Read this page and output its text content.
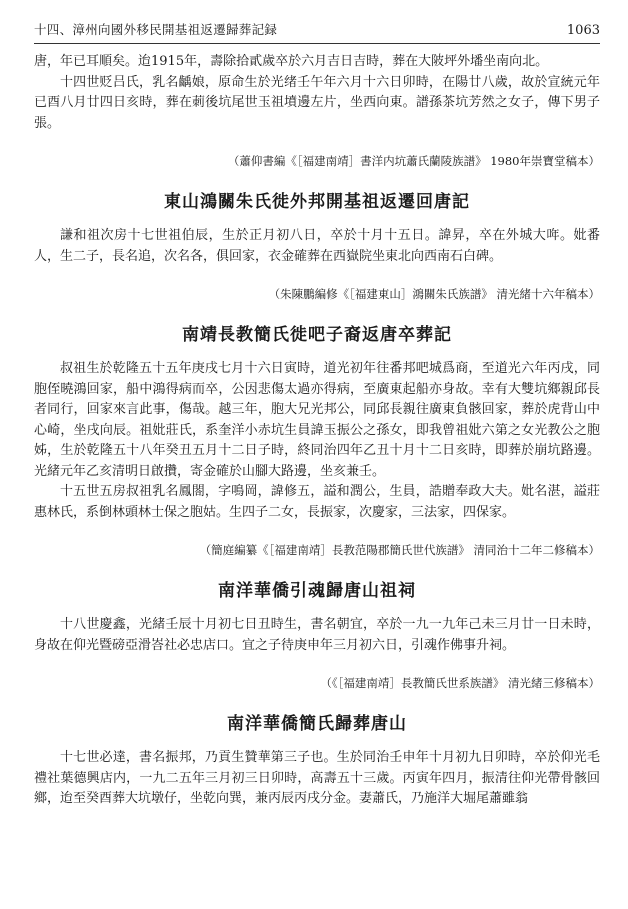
十四、漳州向國外移民開基祖返遷歸葬記録	1063

唐，年已耳順矣。迨1915年，壽除拾貳歲卒於六月吉日吉時，葬在大陂坪外墦坐南向北。

十四世贬吕氏，乳名齲娘，原命生於光绪壬午年六月十六日卯時，在陽廿八歲，故於宣統元年已酉八月廿四日亥時，葬在莿後坑尾世玉祖墳邊左片，坐西向東。譜孫茶坑芳然之女子，傳下男子張。

（蕭仰書編《［福建南靖］書洋内坑蕭氏蘭陵族譜》 1980年崇寶堂稿本）
東山鴻關朱氏徙外邦開基祖返遷回唐記

謙和祖次房十七世祖伯辰，生於正月初八日，卒於十月十五日。諱昇，卒在外城大哖。妣番人，生二子，長名追，次名各，俱回家，衣金確葬在西嶽院坐東北向西南石白碑。

（朱陳鵬編修《［福建東山］鴻關朱氏族譜》 清光緒十六年稿本）
南靖長教簡氏徙吧子裔返唐卒葬記

叔祖生於乾隆五十五年庚戌七月十六日寅時，道光初年往番邦吧城爲商，至道光六年丙戌，同胞侄曉鴻回家，船中鴻得病而卒，公因悲傷太過亦得病，至廣東起船亦身故。幸有大雙坑鄉親邱長者同行，回家來言此事，傷哉。越三年，胞大兄光邦公，同邱長親往廣東負骸回家，葬於虎背山中心崎，坐戌向辰。祖妣莊氏，系奎洋小赤坑生員諱玉振公之孫女，即我曾祖妣六第之女光教公之胞姊，生於乾隆五十八年癸丑五月十二日子時，終同治四年乙丑十月十二日亥時，即葬於崩坑路邊。光緒元年乙亥清明日啟攢，寄金確於山腳大路邊，坐亥兼壬。

十五世五房叔祖乳名鳳閤，字鳴岡，諱修五，謚和潤公，生員，誥贈奉政大夫。妣名湛，謚莊惠林氏，系倒林頭林士保之胞姑。生四子二女，長振家，次慶家，三法家，四保家。

（簡庭編纂《［福建南靖］長教范陽郡簡氏世代族譜》 清同治十二年二修稿本）
南洋華僑引魂歸唐山祖祠

十八世慶鑫，光緒壬辰十月初七日丑時生，書名朝宜，卒於一九一九年己未三月廿一日未時，身故在仰光暨磅亞滑峇社必忠店口。宜之子待庚申年三月初六日，引魂作佛事升祠。

（《［福建南靖］長教簡氏世系族譜》 清光緒三修稿本）
南洋華僑簡氏歸葬唐山

十七世必達，書名振邦，乃貢生贊華第三子也。生於同治壬申年十月初九日卯時，卒於仰光毛禮社葉德興店内，一九二五年三月初三日卯時，高壽五十三歲。丙寅年四月，振清往仰光帶骨骸回鄉，迨至癸酉葬大坑墩仔，坐乾向巽，兼丙辰丙戌分金。妻蕭氏，乃施洋大堀尾蕭雖翁
